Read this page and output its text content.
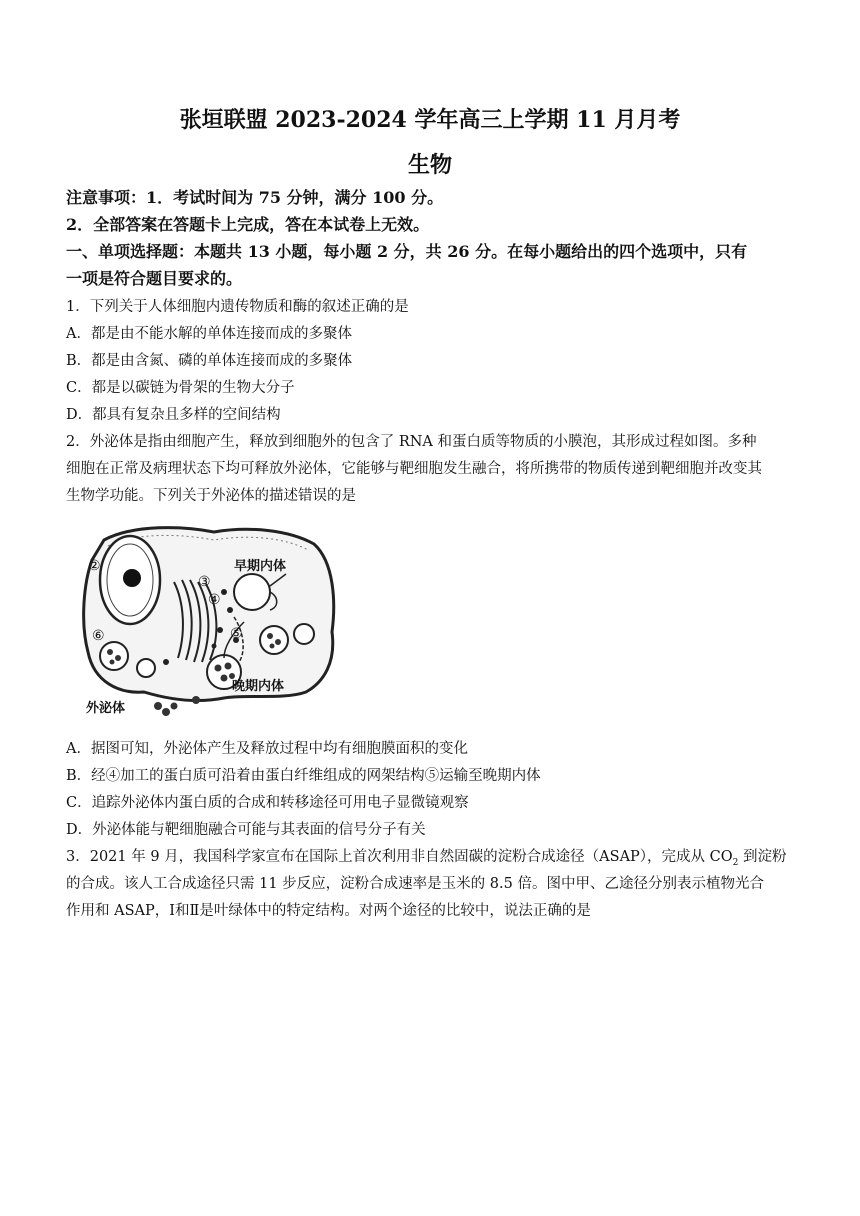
张垣联盟 2023-2024 学年高三上学期 11 月月考
生物
注意事项：1．考试时间为 75 分钟，满分 100 分。
2．全部答案在答题卡上完成，答在本试卷上无效。
一、单项选择题：本题共 13 小题，每小题 2 分，共 26 分。在每小题给出的四个选项中，只有
一项是符合题目要求的。
1．下列关于人体细胞内遗传物质和酶的叙述正确的是
A．都是由不能水解的单体连接而成的多聚体
B．都是由含氮、磷的单体连接而成的多聚体
C．都是以碳链为骨架的生物大分子
D．都具有复杂且多样的空间结构
2．外泌体是指由细胞产生，释放到细胞外的包含了 RNA 和蛋白质等物质的小膜泡，其形成过程如图。多种
细胞在正常及病理状态下均可释放外泌体，它能够与靶细胞发生融合，将所携带的物质传递到靶细胞并改变其
生物学功能。下列关于外泌体的描述错误的是
②
③
④
⑤
⑥
早期内体
晚期内体
外泌体
A．据图可知，外泌体产生及释放过程中均有细胞膜面积的变化
B．经④加工的蛋白质可沿着由蛋白纤维组成的网架结构⑤运输至晚期内体
C．追踪外泌体内蛋白质的合成和转移途径可用电子显微镜观察
D．外泌体能与靶细胞融合可能与其表面的信号分子有关
3．2021 年 9 月，我国科学家宣布在国际上首次利用非自然固碳的淀粉合成途径（ASAP），完成从 $CO_2$ 到淀粉
的合成。该人工合成途径只需 11 步反应，淀粉合成速率是玉米的 8.5 倍。图中甲、乙途径分别表示植物光合
作用和 ASAP，Ⅰ和Ⅱ是叶绿体中的特定结构。对两个途径的比较中，说法正确的是
